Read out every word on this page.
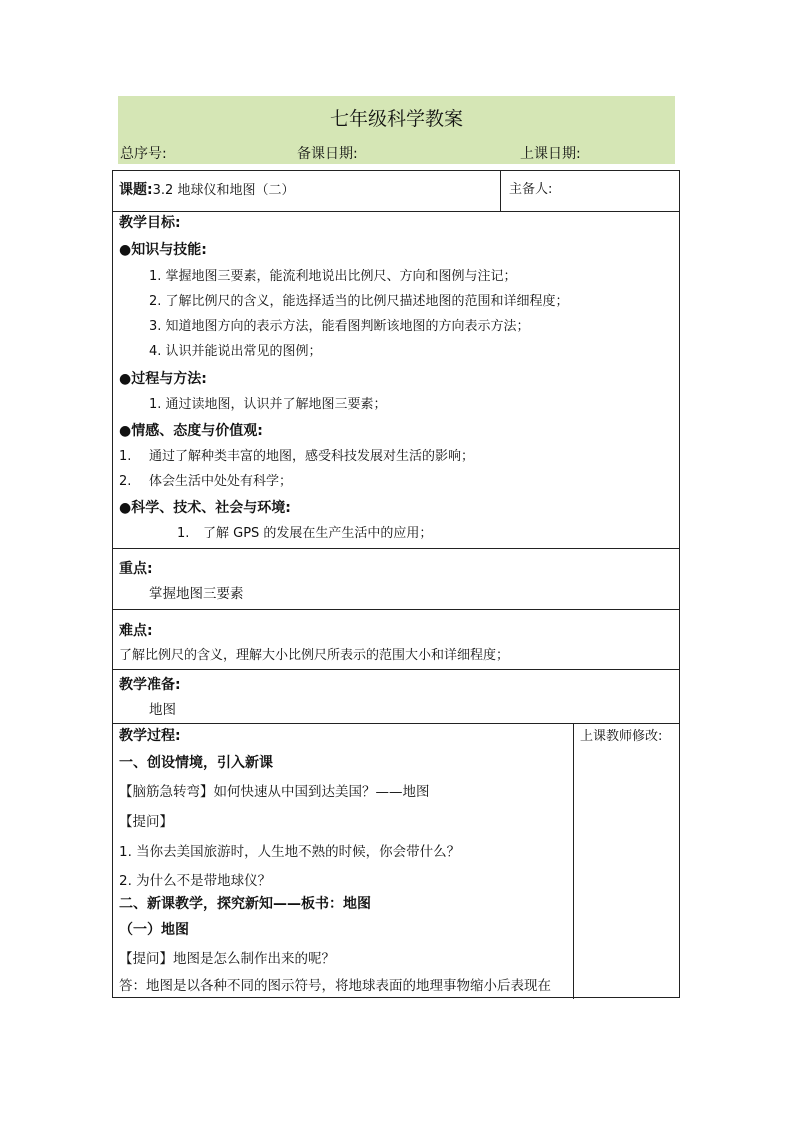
七年级科学教案
总序号:	备课日期:	上课日期:
课题:3.2 地球仪和地图（二）	主备人:
教学目标:
●知识与技能:
1. 掌握地图三要素，能流利地说出比例尺、方向和图例与注记；
2. 了解比例尺的含义，能选择适当的比例尺描述地图的范围和详细程度；
3. 知道地图方向的表示方法，能看图判断该地图的方向表示方法；
4. 认识并能说出常见的图例；
●过程与方法:
1. 通过读地图，认识并了解地图三要素；
●情感、态度与价值观:
1. 通过了解种类丰富的地图，感受科技发展对生活的影响；
2. 体会生活中处处有科学；
●科学、技术、社会与环境:
1. 了解 GPS 的发展在生产生活中的应用；
重点:
掌握地图三要素
难点:
了解比例尺的含义，理解大小比例尺所表示的范围大小和详细程度；
教学准备:
地图
教学过程:	上课教师修改:
一、创设情境，引入新课
【脑筋急转弯】如何快速从中国到达美国？——地图
【提问】
1. 当你去美国旅游时，人生地不熟的时候，你会带什么？
2. 为什么不是带地球仪？
二、新课教学，探究新知——板书：地图
（一）地图
【提问】地图是怎么制作出来的呢？
答：地图是以各种不同的图示符号，将地球表面的地理事物缩小后表现在
